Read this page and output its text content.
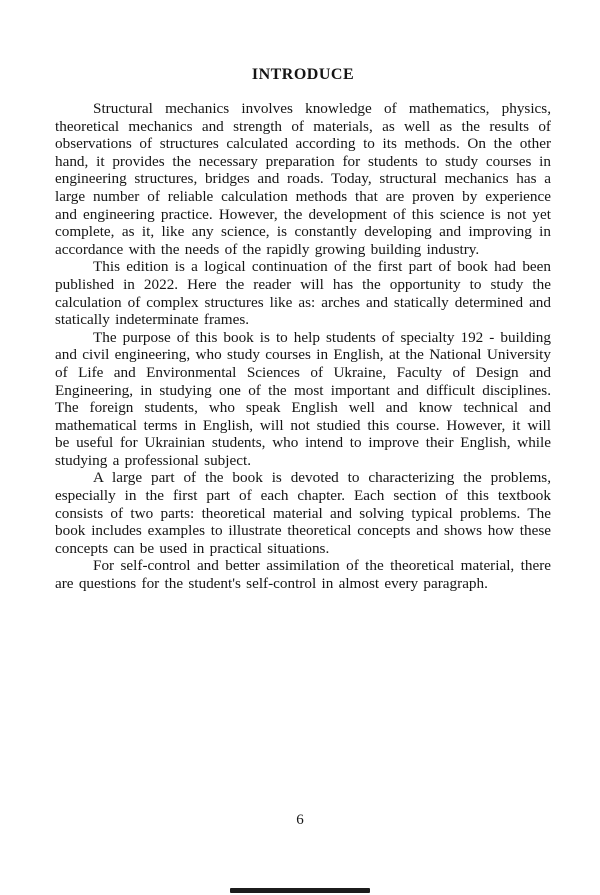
INTRODUCE

Structural mechanics involves knowledge of mathematics, physics, theoretical mechanics and strength of materials, as well as the results of observations of structures calculated according to its methods. On the other hand, it provides the necessary preparation for students to study courses in engineering structures, bridges and roads. Today, structural mechanics has a large number of reliable calculation methods that are proven by experience and engineering practice. However, the development of this science is not yet complete, as it, like any science, is constantly developing and improving in accordance with the needs of the rapidly growing building industry.

This edition is a logical continuation of the first part of book had been published in 2022. Here the reader will has the opportunity to study the calculation of complex structures like as: arches and statically determined and statically indeterminate frames.

The purpose of this book is to help students of specialty 192 - building and civil engineering, who study courses in English, at the National University of Life and Environmental Sciences of Ukraine, Faculty of Design and Engineering, in studying one of the most important and difficult disciplines. The foreign students, who speak English well and know technical and mathematical terms in English, will not studied this course. However, it will be useful for Ukrainian students, who intend to improve their English, while studying a professional subject.

A large part of the book is devoted to characterizing the problems, especially in the first part of each chapter. Each section of this textbook consists of two parts: theoretical material and solving typical problems. The book includes examples to illustrate theoretical concepts and shows how these concepts can be used in practical situations.

For self-control and better assimilation of the theoretical material, there are questions for the student's self-control in almost every paragraph.

6
